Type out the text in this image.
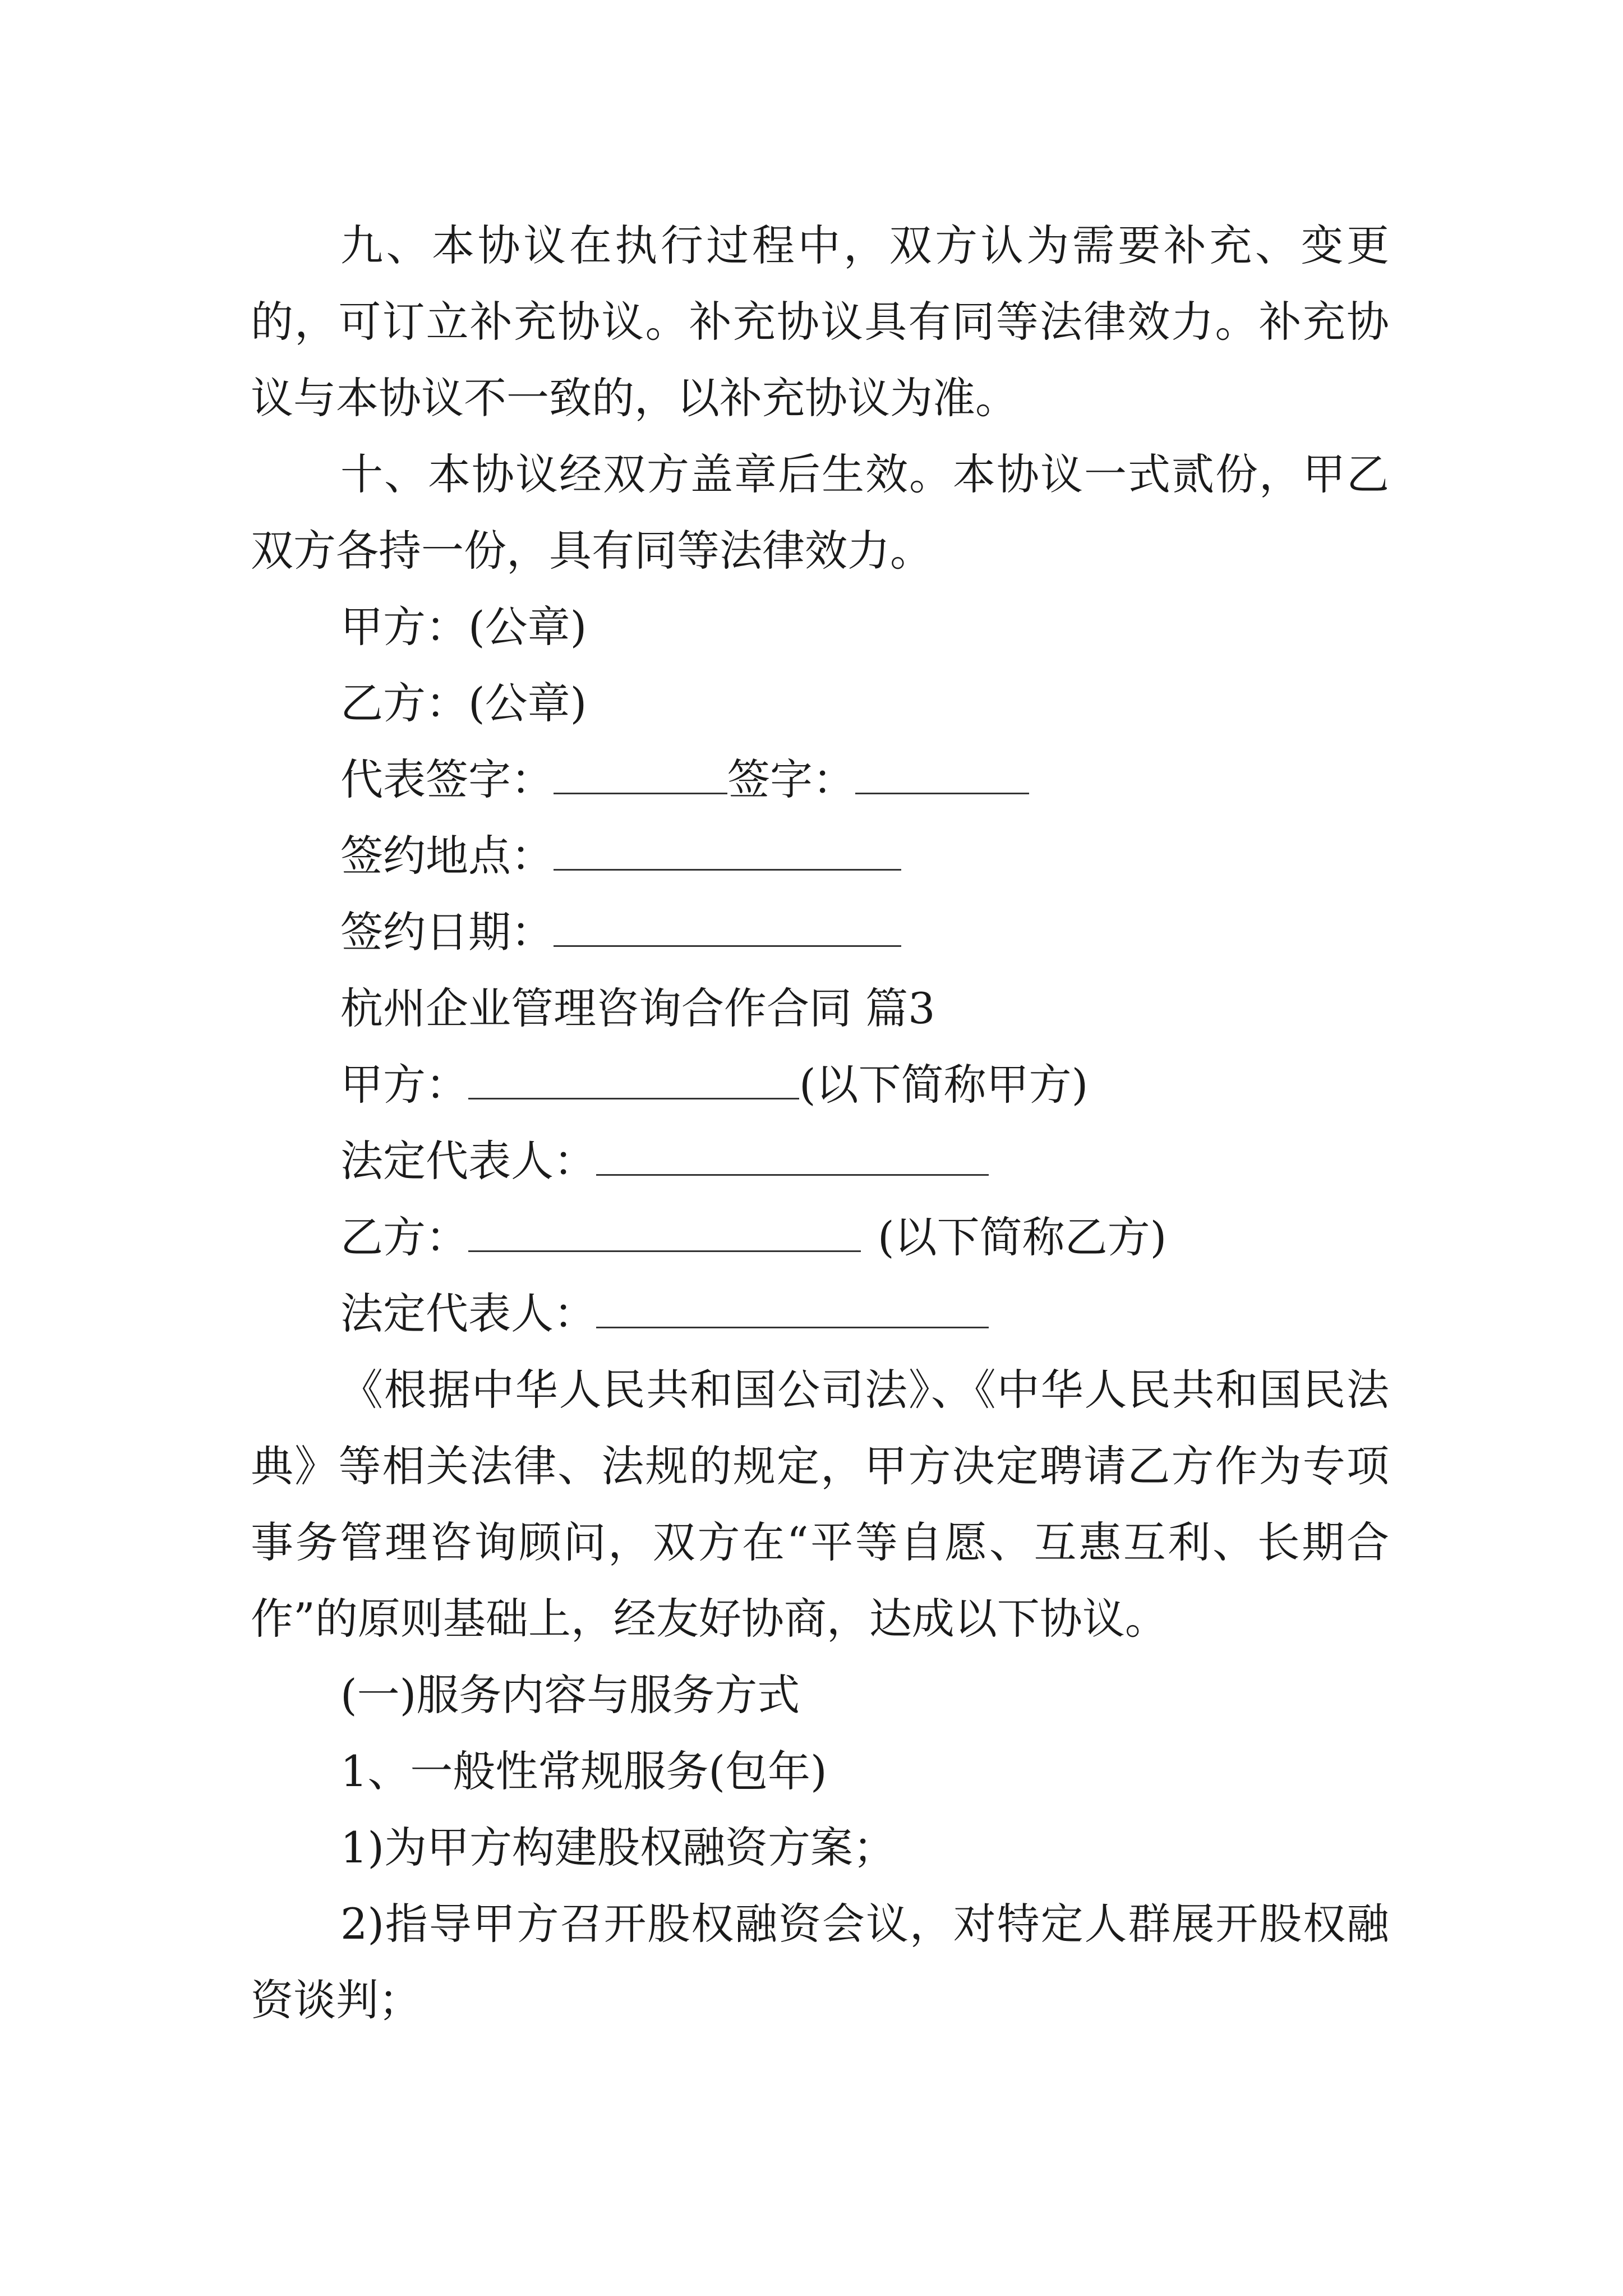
九、本协议在执行过程中，双方认为需要补充、变更的，可订立补充协议。补充协议具有同等法律效力。补充协议与本协议不一致的，以补充协议为准。

十、本协议经双方盖章后生效。本协议一式贰份，甲乙双方各持一份，具有同等法律效力。

甲方：(公章)

乙方：(公章)

代表签字：	签字：

签约地点：

签约日期：

杭州企业管理咨询合作合同 篇3

甲方：	(以下简称甲方)

法定代表人：

乙方：	(以下简称乙方)

法定代表人：

《根据中华人民共和国公司法》、《中华人民共和国民法典》等相关法律、法规的规定，甲方决定聘请乙方作为专项事务管理咨询顾问，双方在“平等自愿、互惠互利、长期合作”的原则基础上，经友好协商，达成以下协议。

(一)服务内容与服务方式

1、一般性常规服务(包年)

1)为甲方构建股权融资方案；

2)指导甲方召开股权融资会议，对特定人群展开股权融资谈判；
